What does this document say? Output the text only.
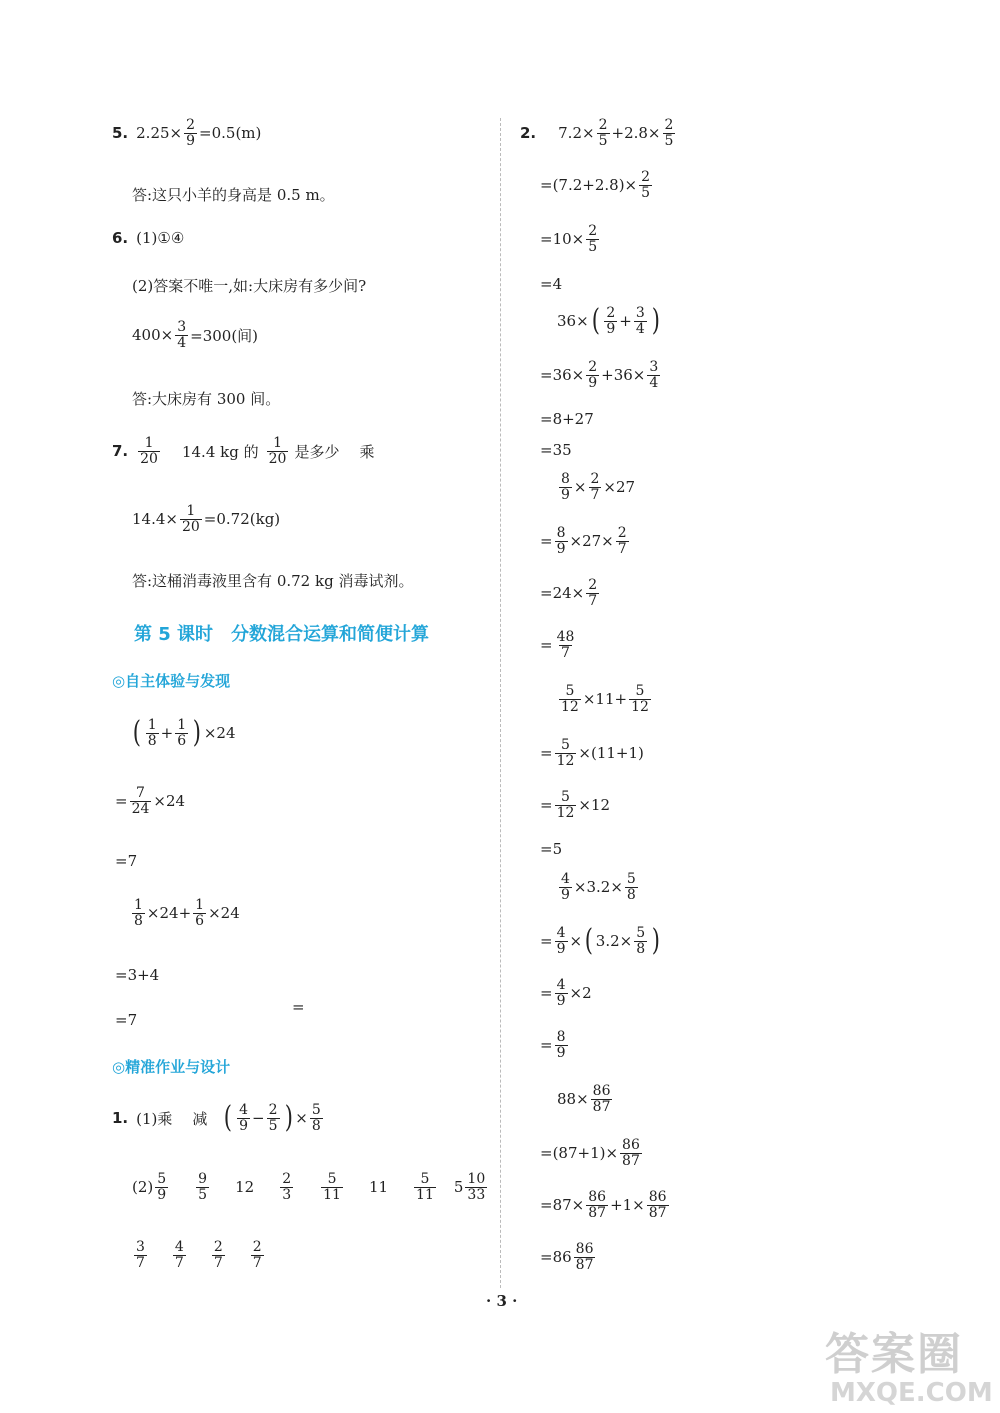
5. $2.25\times \frac{2}{9} =0.5(m)$
答:这只小羊的身高是 0.5 m。
6. (1)①④
(2)答案不唯一,如:大床房有多少间?
$400\times \frac{3}{4} =300$(间)
答:大床房有 300 间。
7. 1
20 14.4 kg 的 1
20 是多少 乘
$14.4\times \frac{1}{20} =0.72(kg)$
答:这桶消毒液里含有 0.72 kg 消毒试剂。
第 5 课时　分数混合运算和简便计算
◎自主体验与发现
( 1
$8 + \frac{1}{6}$ ) ×24
= $\frac{7}{24} \times 24$
=7
$\frac{1}{8} \times 24+ \frac{1}{6} \times 24$
=3+4
=
=7
◎精准作业与设计
1. (1)乘 减 ( 4
$9 - \frac{2}{5}$ ) × $\frac{5}{8}$
(2) 5
9
9
5 12 2
3
5
11 11 5
11 5 10
33
3
7
4
7
2
7
2
7
2. $7.2\times \frac{2}{5} +2.8\times \frac{2}{5}$
$=(7.2+2.8)\times \frac{2}{5}$
$=10\times \frac{2}{5}$
=4
36× ( 2
$9 + \frac{3}{4}$ )
$=36\times \frac{2}{9} +36\times \frac{3}{4}$
=8+27
=35
$\frac{8}{9} \times \frac{2}{7} \times 27$
= $\frac{8}{9} \times 27\times \frac{2}{7}$
$=24\times \frac{2}{7}$
= $\frac{48}{7}$
$\frac{5}{12} \times 11+ \frac{5}{12}$
= $\frac{5}{12} \times(11+1)$
= $\frac{5}{12} \times 12$
=5
$\frac{4}{9} \times 3.2\times \frac{5}{8}$
= $\frac{4}{9}$ × ( $3.2\times \frac{5}{8}$ )
= $\frac{4}{9} \times 2$
= $\frac{8}{9}$
$88\times \frac{86}{87}$
$=(87+1)\times \frac{86}{87}$
$=87\times \frac{86}{87} +1\times \frac{86}{87}$
=86 86
87
· 3 ·
答案圈
MXQE.COM
